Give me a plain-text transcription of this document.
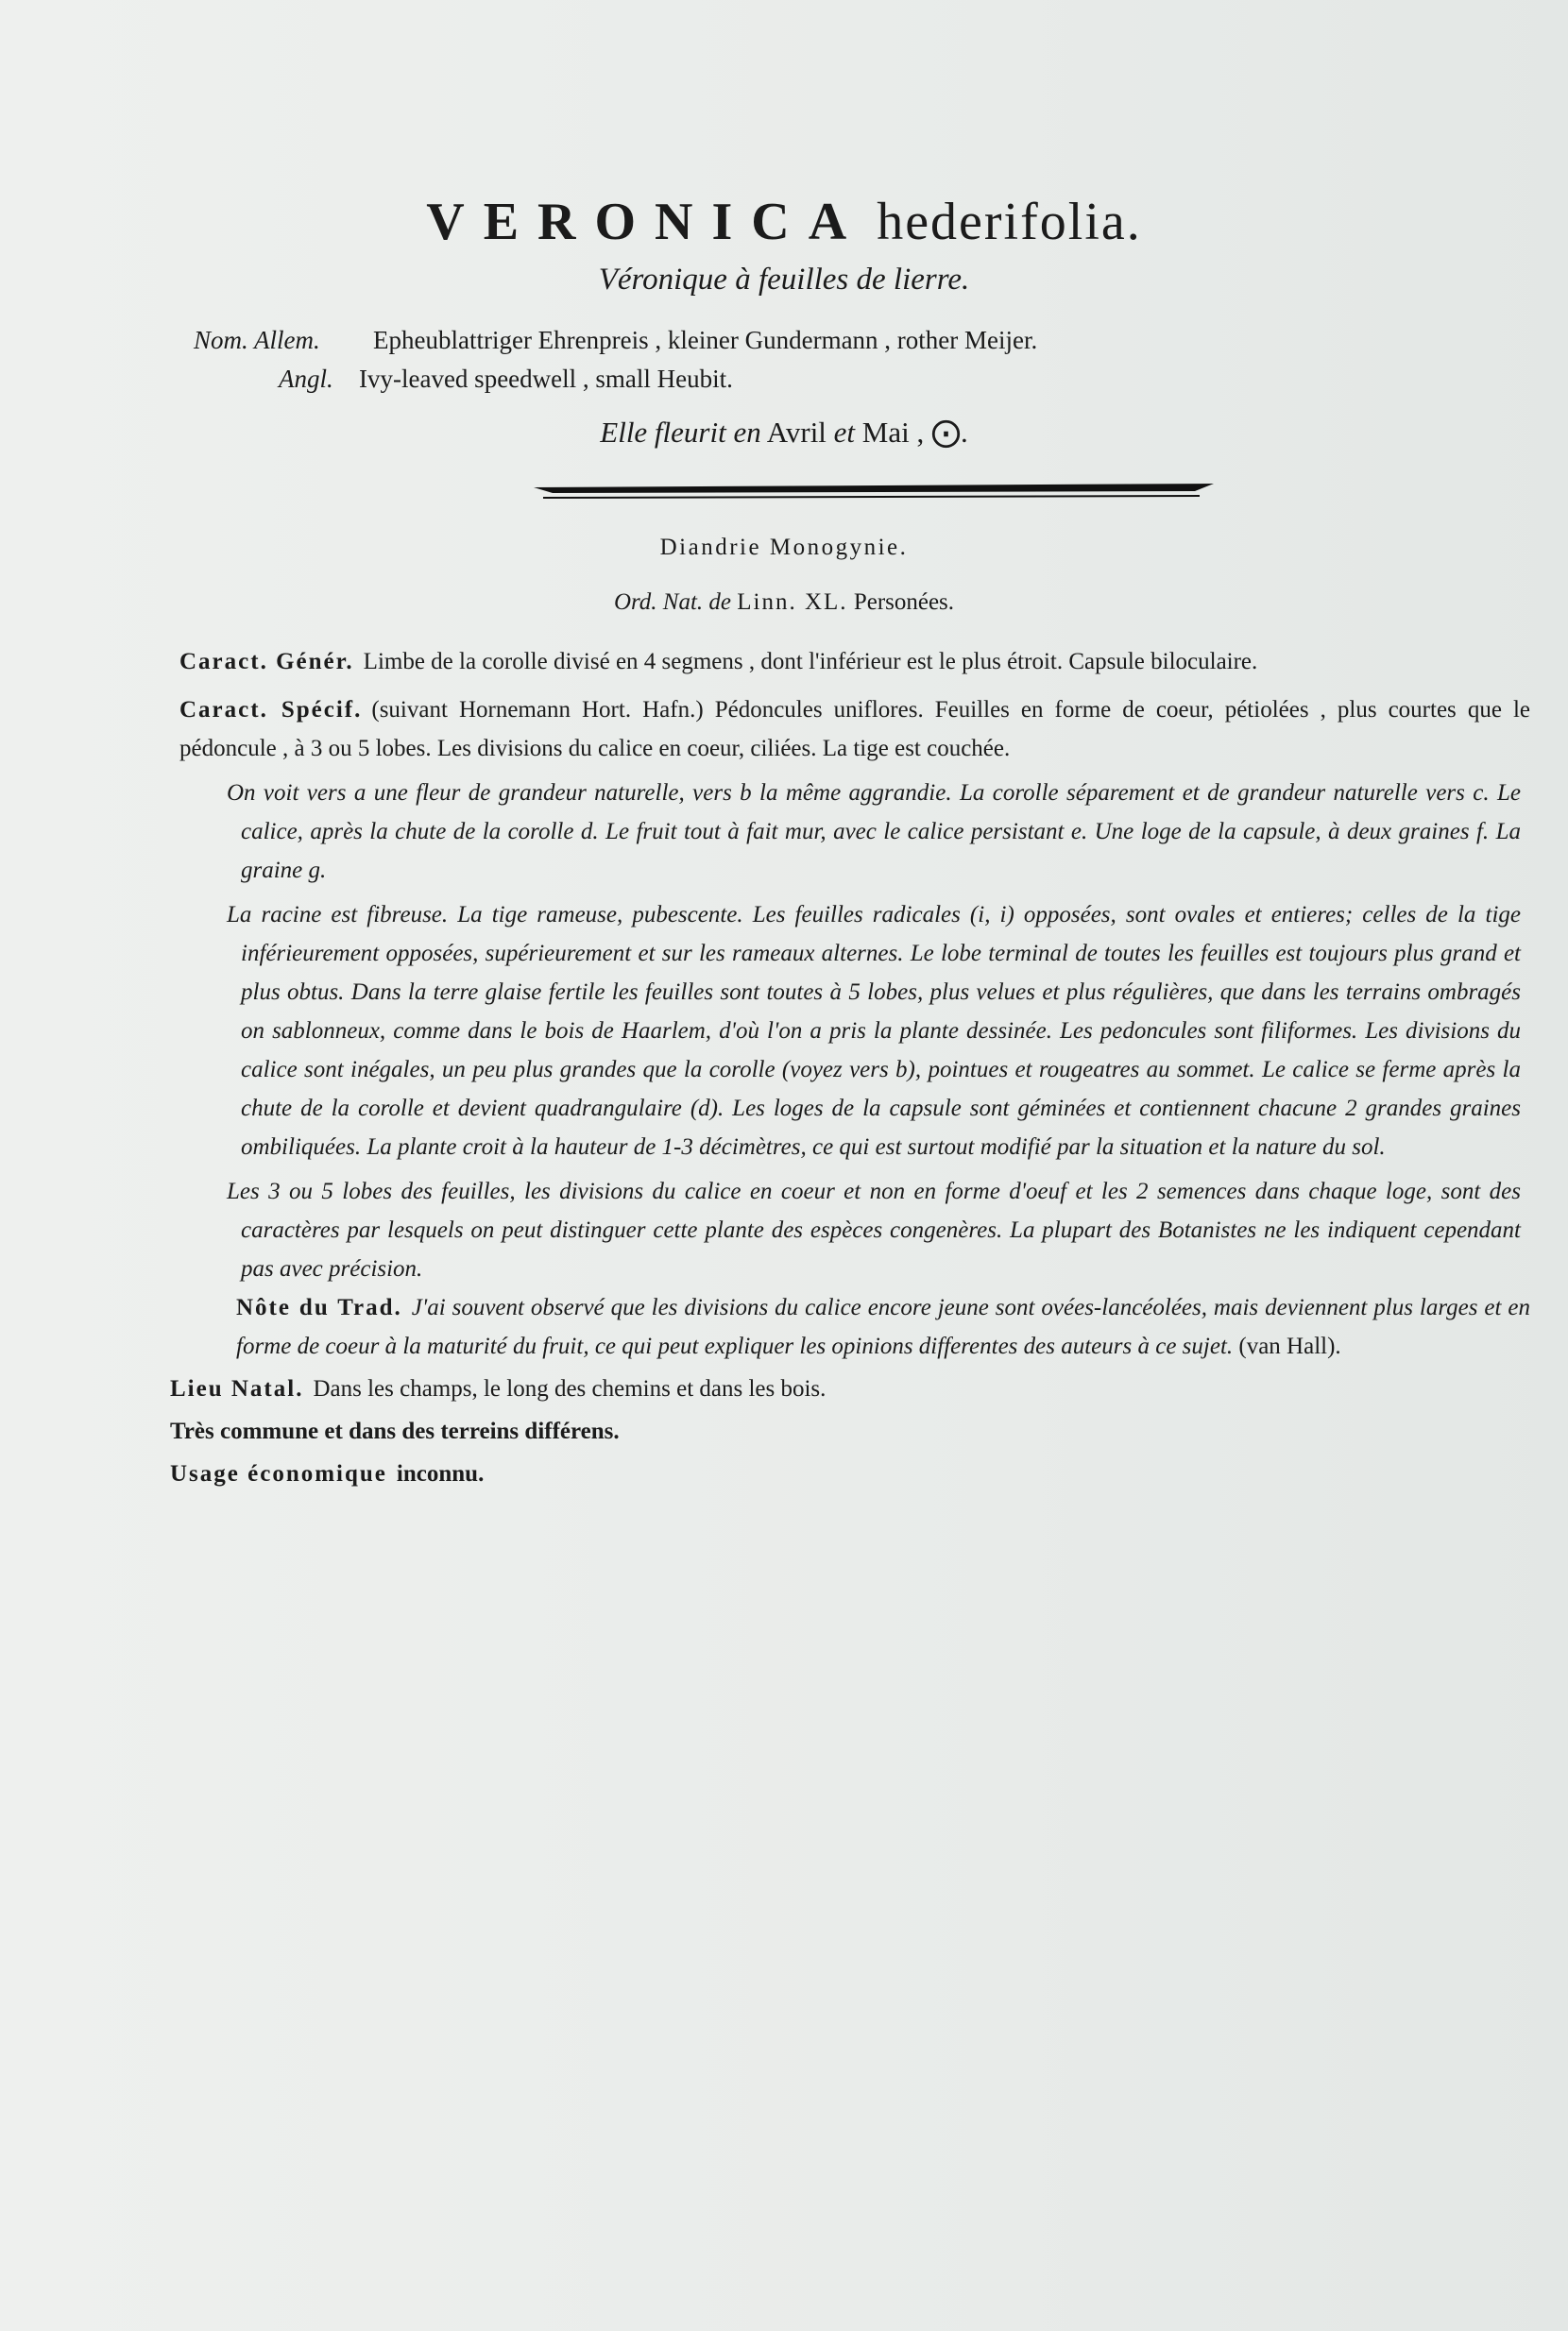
VERONICA hederifolia.
Véronique à feuilles de lierre.
Nom. Allem. Epheublattriger Ehrenpreis , kleiner Gundermann , rother Meijer.
Angl. Ivy-leaved speedwell , small Heubit.
Elle fleurit en Avril et Mai , ⨀.
Diandrie Monogynie.
Ord. Nat. de Linn. XL. Personées.

Caract. Génér. Limbe de la corolle divisé en 4 segmens , dont l'inférieur est le plus étroit. Capsule biloculaire.

Caract. Spécif. (suivant Hornemann Hort. Hafn.) Pédoncules uniflores. Feuilles en forme de coeur, pétiolées , plus courtes que le pédoncule , à 3 ou 5 lobes. Les divisions du calice en coeur, ciliées. La tige est couchée.

On voit vers a une fleur de grandeur naturelle, vers b la même aggrandie. La corolle séparement et de grandeur naturelle vers c. Le calice, après la chute de la corolle d. Le fruit tout à fait mur, avec le calice persistant e. Une loge de la capsule, à deux graines f. La graine g.

La racine est fibreuse. La tige rameuse, pubescente. Les feuilles radicales (i, i) opposées, sont ovales et entieres; celles de la tige inférieurement opposées, supérieurement et sur les rameaux alternes. Le lobe terminal de toutes les feuilles est toujours plus grand et plus obtus. Dans la terre glaise fertile les feuilles sont toutes à 5 lobes, plus velues et plus régulières, que dans les terrains ombragés on sablonneux, comme dans le bois de Haarlem, d'où l'on a pris la plante dessinée. Les pedoncules sont filiformes. Les divisions du calice sont inégales, un peu plus grandes que la corolle (voyez vers b), pointues et rougeatres au sommet. Le calice se ferme après la chute de la corolle et devient quadrangulaire (d). Les loges de la capsule sont géminées et contiennent chacune 2 grandes graines ombiliquées. La plante croit à la hauteur de 1-3 décimètres, ce qui est surtout modifié par la situation et la nature du sol.

Les 3 ou 5 lobes des feuilles, les divisions du calice en coeur et non en forme d'oeuf et les 2 semences dans chaque loge, sont des caractères par lesquels on peut distinguer cette plante des espèces congenères. La plupart des Botanistes ne les indiquent cependant pas avec précision.

Nôte du Trad. J'ai souvent observé que les divisions du calice encore jeune sont ovées-lancéolées, mais deviennent plus larges et en forme de coeur à la maturité du fruit, ce qui peut expliquer les opinions differentes des auteurs à ce sujet. (van Hall).

Lieu Natal. Dans les champs, le long des chemins et dans les bois.

Très commune et dans des terreins différens.

Usage économique inconnu.
